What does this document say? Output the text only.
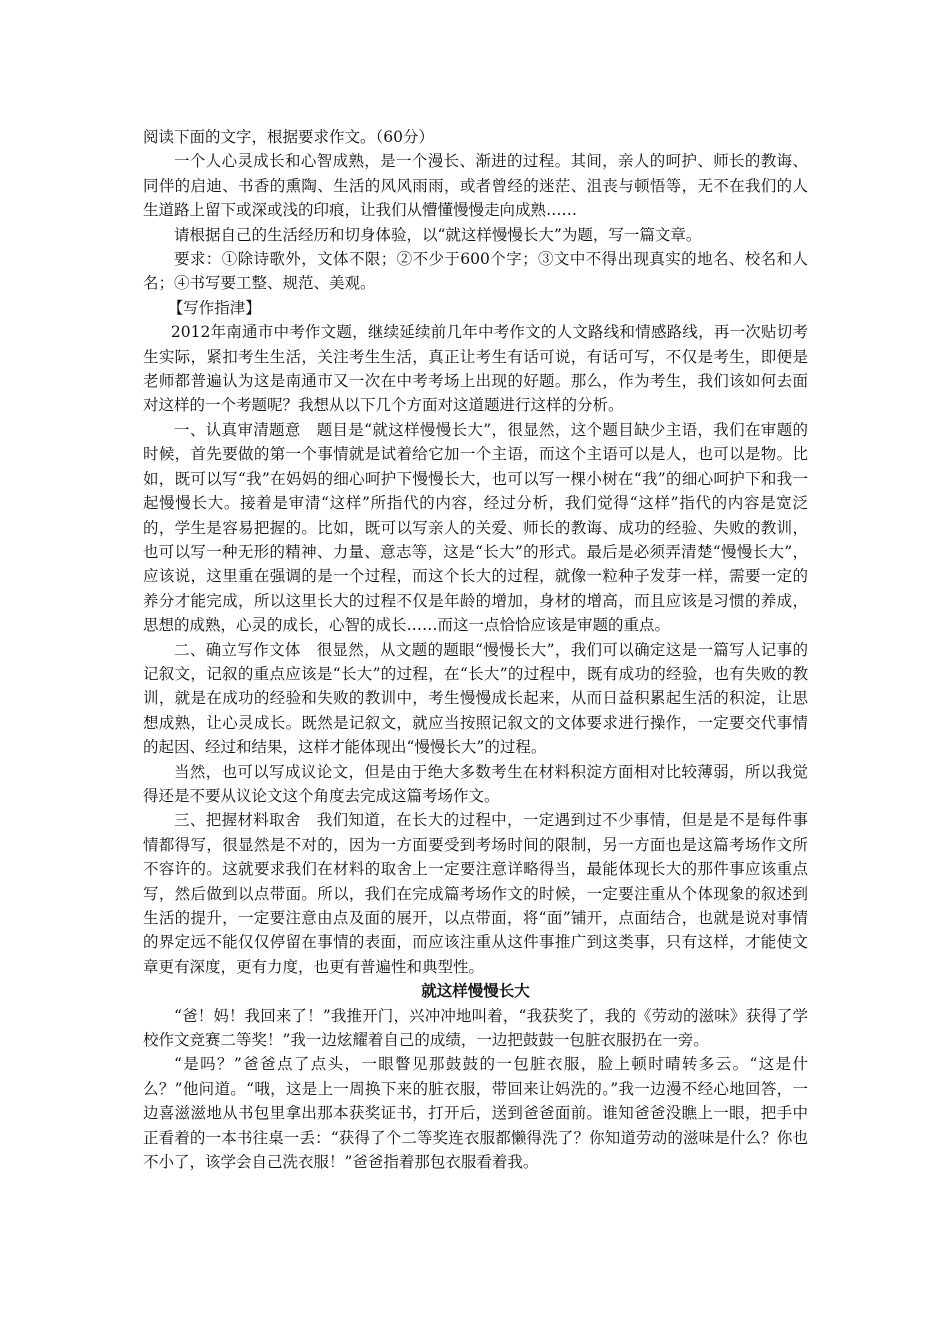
阅读下面的文字，根据要求作文。（60分）

一个人心灵成长和心智成熟，是一个漫长、渐进的过程。其间，亲人的呵护、师长的教诲、同伴的启迪、书香的熏陶、生活的风风雨雨，或者曾经的迷茫、沮丧与顿悟等，无不在我们的人生道路上留下或深或浅的印痕，让我们从懵懂慢慢走向成熟……

请根据自己的生活经历和切身体验，以“就这样慢慢长大”为题，写一篇文章。

要求：①除诗歌外，文体不限；②不少于600个字；③文中不得出现真实的地名、校名和人名；④书写要工整、规范、美观。

【写作指津】

2012年南通市中考作文题，继续延续前几年中考作文的人文路线和情感路线，再一次贴切考生实际，紧扣考生生活，关注考生生活，真正让考生有话可说，有话可写，不仅是考生，即便是老师都普遍认为这是南通市又一次在中考考场上出现的好题。那么，作为考生，我们该如何去面对这样的一个考题呢？我想从以下几个方面对这道题进行这样的分析。

一、认真审清题意　题目是“就这样慢慢长大”，很显然，这个题目缺少主语，我们在审题的时候，首先要做的第一个事情就是试着给它加一个主语，而这个主语可以是人，也可以是物。比如，既可以写“我”在妈妈的细心呵护下慢慢长大，也可以写一棵小树在“我”的细心呵护下和我一起慢慢长大。接着是审清“这样”所指代的内容，经过分析，我们觉得“这样”指代的内容是宽泛的，学生是容易把握的。比如，既可以写亲人的关爱、师长的教诲、成功的经验、失败的教训，也可以写一种无形的精神、力量、意志等，这是“长大”的形式。最后是必须弄清楚“慢慢长大”，应该说，这里重在强调的是一个过程，而这个长大的过程，就像一粒种子发芽一样，需要一定的养分才能完成，所以这里长大的过程不仅是年龄的增加，身材的增高，而且应该是习惯的养成，思想的成熟，心灵的成长，心智的成长……而这一点恰恰应该是审题的重点。

二、确立写作文体　很显然，从文题的题眼“慢慢长大”，我们可以确定这是一篇写人记事的记叙文，记叙的重点应该是“长大”的过程，在“长大”的过程中，既有成功的经验，也有失败的教训，就是在成功的经验和失败的教训中，考生慢慢成长起来，从而日益积累起生活的积淀，让思想成熟，让心灵成长。既然是记叙文，就应当按照记叙文的文体要求进行操作，一定要交代事情的起因、经过和结果，这样才能体现出“慢慢长大”的过程。

当然，也可以写成议论文，但是由于绝大多数考生在材料积淀方面相对比较薄弱，所以我觉得还是不要从议论文这个角度去完成这篇考场作文。

三、把握材料取舍　我们知道，在长大的过程中，一定遇到过不少事情，但是是不是每件事情都得写，很显然是不对的，因为一方面要受到考场时间的限制，另一方面也是这篇考场作文所不容许的。这就要求我们在材料的取舍上一定要注意详略得当，最能体现长大的那件事应该重点写，然后做到以点带面。所以，我们在完成篇考场作文的时候，一定要注重从个体现象的叙述到生活的提升，一定要注意由点及面的展开，以点带面，将“面”铺开，点面结合，也就是说对事情的界定远不能仅仅停留在事情的表面，而应该注重从这件事推广到这类事，只有这样，才能使文章更有深度，更有力度，也更有普遍性和典型性。

就这样慢慢长大

“爸！妈！我回来了！”我推开门，兴冲冲地叫着，“我获奖了，我的《劳动的滋味》获得了学校作文竞赛二等奖！”我一边炫耀着自己的成绩，一边把鼓鼓一包脏衣服扔在一旁。

“是吗？”爸爸点了点头，一眼瞥见那鼓鼓的一包脏衣服，脸上顿时晴转多云。“这是什么？”他问道。“哦，这是上一周换下来的脏衣服，带回来让妈洗的。”我一边漫不经心地回答，一边喜滋滋地从书包里拿出那本获奖证书，打开后，送到爸爸面前。谁知爸爸没瞧上一眼，把手中正看着的一本书往桌一丢：“获得了个二等奖连衣服都懒得洗了？你知道劳动的滋味是什么？你也不小了，该学会自己洗衣服！”爸爸指着那包衣服看着我。
